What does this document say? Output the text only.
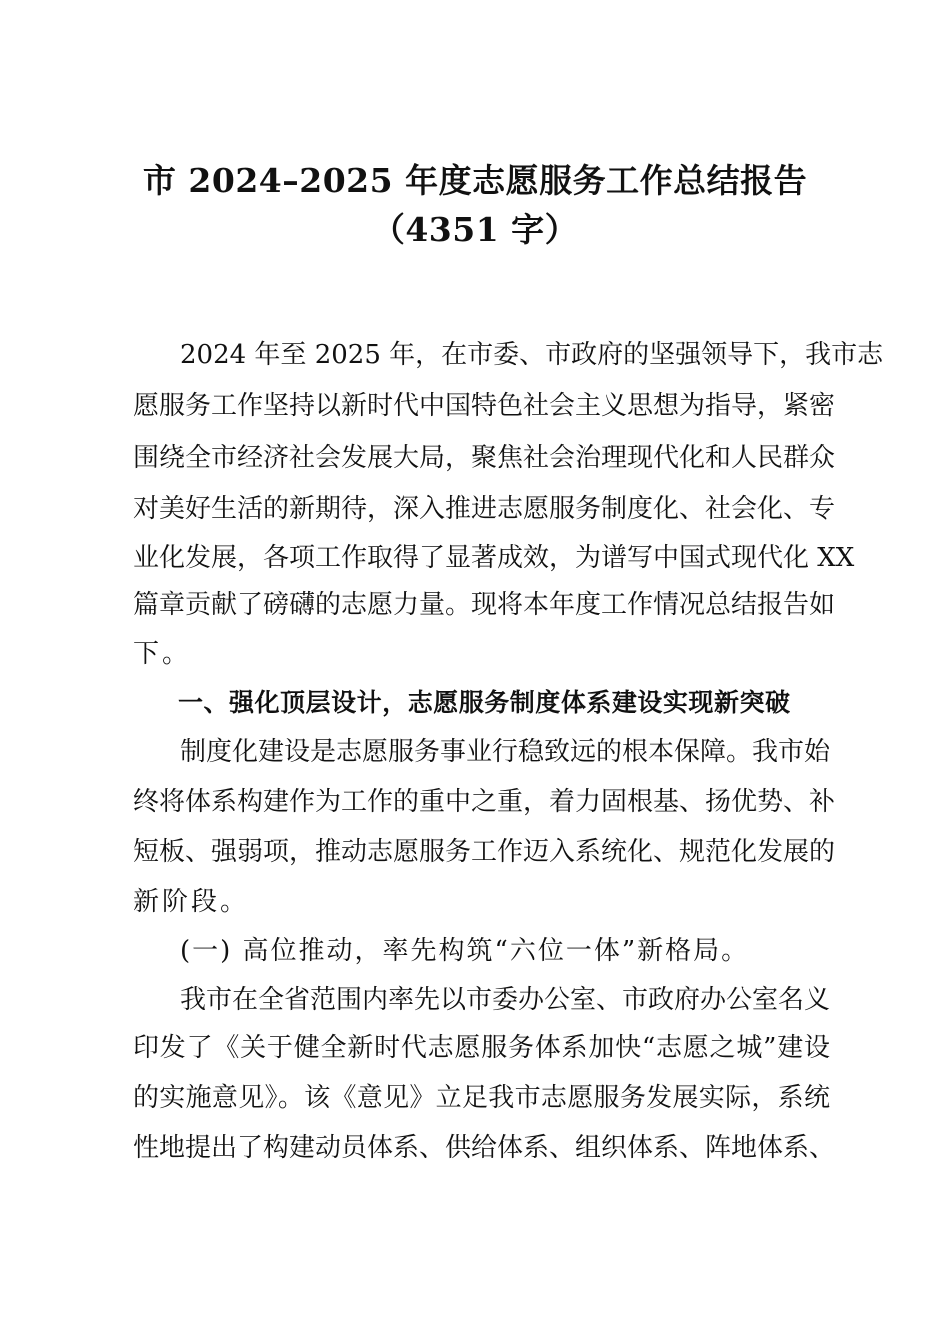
市 2024–2025 年度志愿服务工作总结报告
（4351 字）
2024 年至 2025 年，在市委、市政府的坚强领导下，我市志
愿服务工作坚持以新时代中国特色社会主义思想为指导，紧密
围绕全市经济社会发展大局，聚焦社会治理现代化和人民群众
对美好生活的新期待，深入推进志愿服务制度化、社会化、专
业化发展，各项工作取得了显著成效，为谱写中国式现代化 XX
篇章贡献了磅礴的志愿力量。现将本年度工作情况总结报告如
下。
一、强化顶层设计，志愿服务制度体系建设实现新突破
制度化建设是志愿服务事业行稳致远的根本保障。我市始
终将体系构建作为工作的重中之重，着力固根基、扬优势、补
短板、强弱项，推动志愿服务工作迈入系统化、规范化发展的
新阶段。
(一) 高位推动，率先构筑“六位一体”新格局。
我市在全省范围内率先以市委办公室、市政府办公室名义
印发了《关于健全新时代志愿服务体系加快“志愿之城”建设
的实施意见》。该《意见》立足我市志愿服务发展实际，系统
性地提出了构建动员体系、供给体系、组织体系、阵地体系、
